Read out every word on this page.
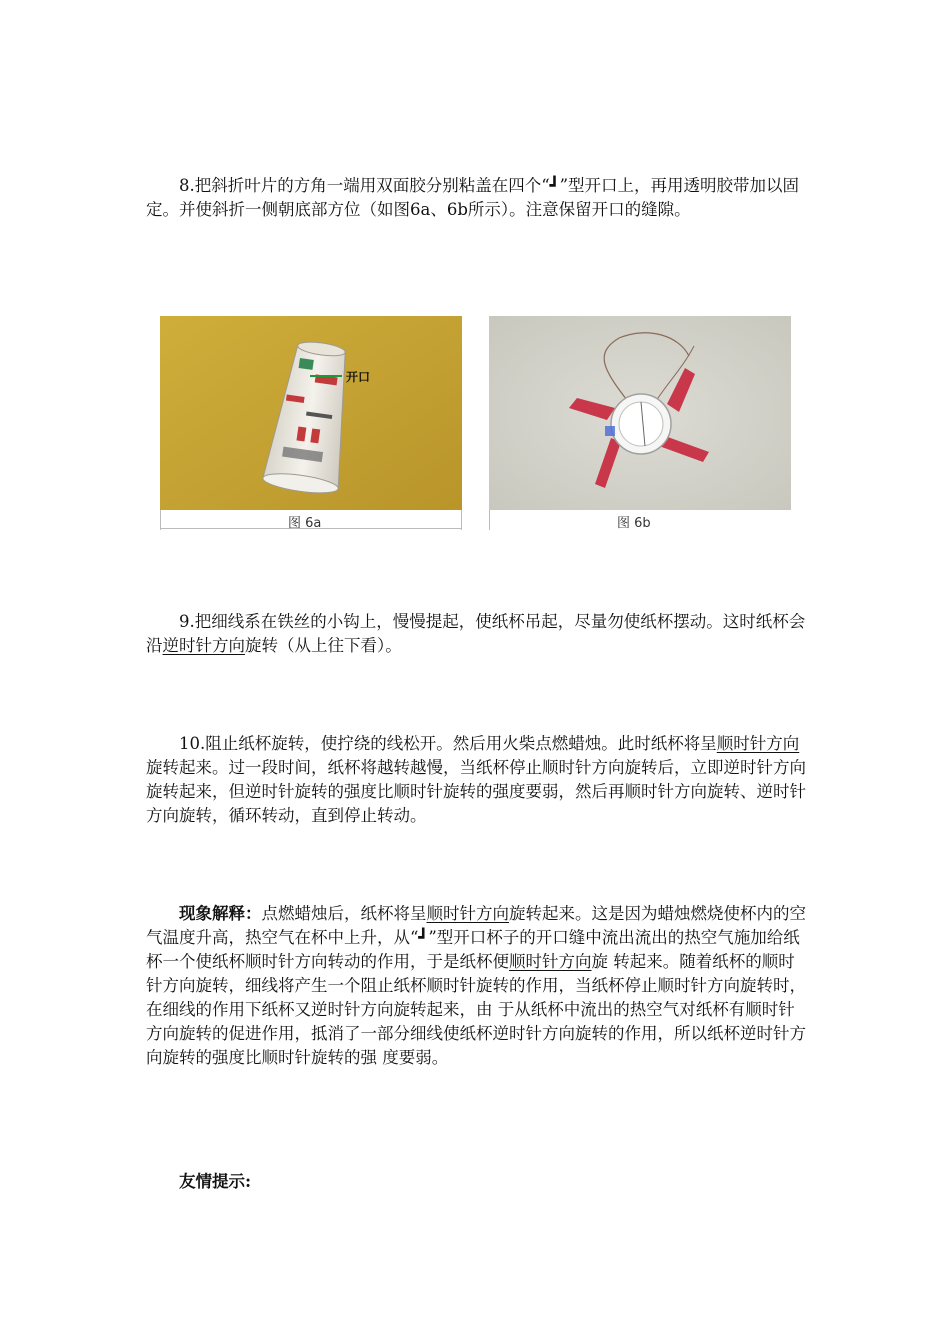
8.把斜折叶片的方角一端用双面胶分别粘盖在四个“┛”型开口上，再用透明胶带加以固定。并使斜折一侧朝底部方位（如图6a、6b所示）。注意保留开口的缝隙。
开口
图 6a	图 6b
9.把细线系在铁丝的小钩上，慢慢提起，使纸杯吊起，尽量勿使纸杯摆动。这时纸杯会沿逆时针方向旋转（从上往下看）。
10.阻止纸杯旋转，使拧绕的线松开。然后用火柴点燃蜡烛。此时纸杯将呈顺时针方向旋转起来。过一段时间，纸杯将越转越慢，当纸杯停止顺时针方向旋转后，立即逆时针方向旋转起来，但逆时针旋转的强度比顺时针旋转的强度要弱，然后再顺时针方向旋转、逆时针方向旋转，循环转动，直到停止转动。
现象解释：点燃蜡烛后，纸杯将呈顺时针方向旋转起来。这是因为蜡烛燃烧使杯内的空气温度升高，热空气在杯中上升，从“┛”型开口杯子的开口缝中流出流出的热空气施加给纸杯一个使纸杯顺时针方向转动的作用，于是纸杯便顺时针方向旋 转起来。随着纸杯的顺时针方向旋转，细线将产生一个阻止纸杯顺时针旋转的作用，当纸杯停止顺时针方向旋转时，在细线的作用下纸杯又逆时针方向旋转起来，由 于从纸杯中流出的热空气对纸杯有顺时针方向旋转的促进作用，抵消了一部分细线使纸杯逆时针方向旋转的作用，所以纸杯逆时针方向旋转的强度比顺时针旋转的强 度要弱。
友情提示:
